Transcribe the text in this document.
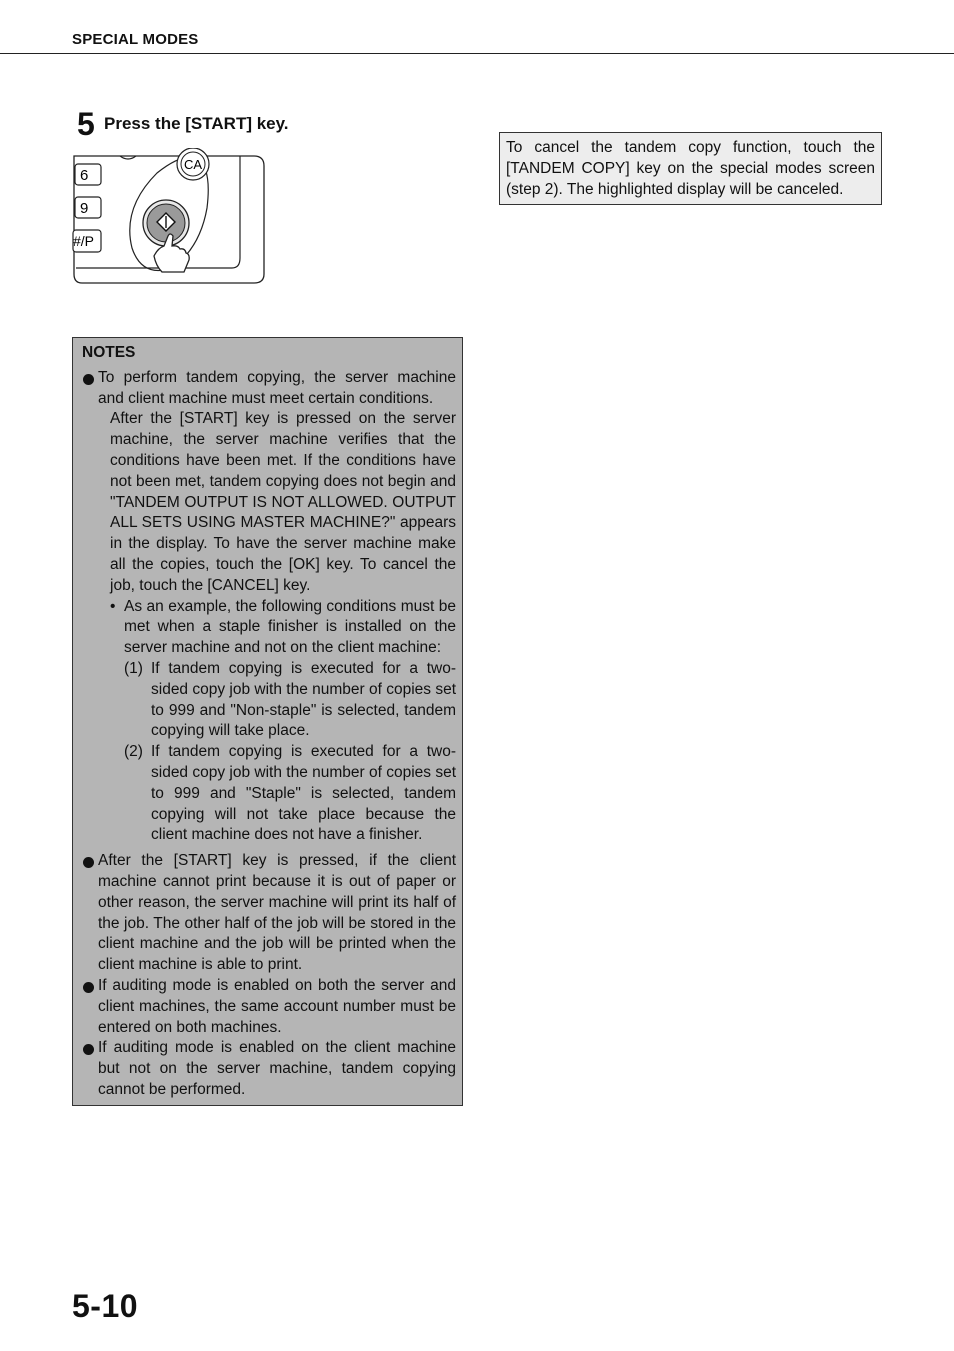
SPECIAL MODES
5 Press the [START] key.
6
9
#/P
CA
To cancel the tandem copy function, touch the [TANDEM COPY] key on the special modes screen (step 2). The highlighted display will be canceled.
NOTES
To perform tandem copying, the server machine and client machine must meet certain conditions.
After the [START] key is pressed on the server machine, the server machine verifies that the conditions have been met. If the conditions have not been met, tandem copying does not begin and "TANDEM OUTPUT IS NOT ALLOWED. OUTPUT ALL SETS USING MASTER MACHINE?" appears in the display. To have the server machine make all the copies, touch the [OK] key. To cancel the job, touch the [CANCEL] key.
• As an example, the following conditions must be met when a staple finisher is installed on the server machine and not on the client machine:
(1) If tandem copying is executed for a two-sided copy job with the number of copies set to 999 and "Non-staple" is selected, tandem copying will take place.
(2) If tandem copying is executed for a two-sided copy job with the number of copies set to 999 and "Staple" is selected, tandem copying will not take place because the client machine does not have a finisher.
After the [START] key is pressed, if the client machine cannot print because it is out of paper or other reason, the server machine will print its half of the job. The other half of the job will be stored in the client machine and the job will be printed when the client machine is able to print.
If auditing mode is enabled on both the server and client machines, the same account number must be entered on both machines.
If auditing mode is enabled on the client machine but not on the server machine, tandem copying cannot be performed.
5-10
